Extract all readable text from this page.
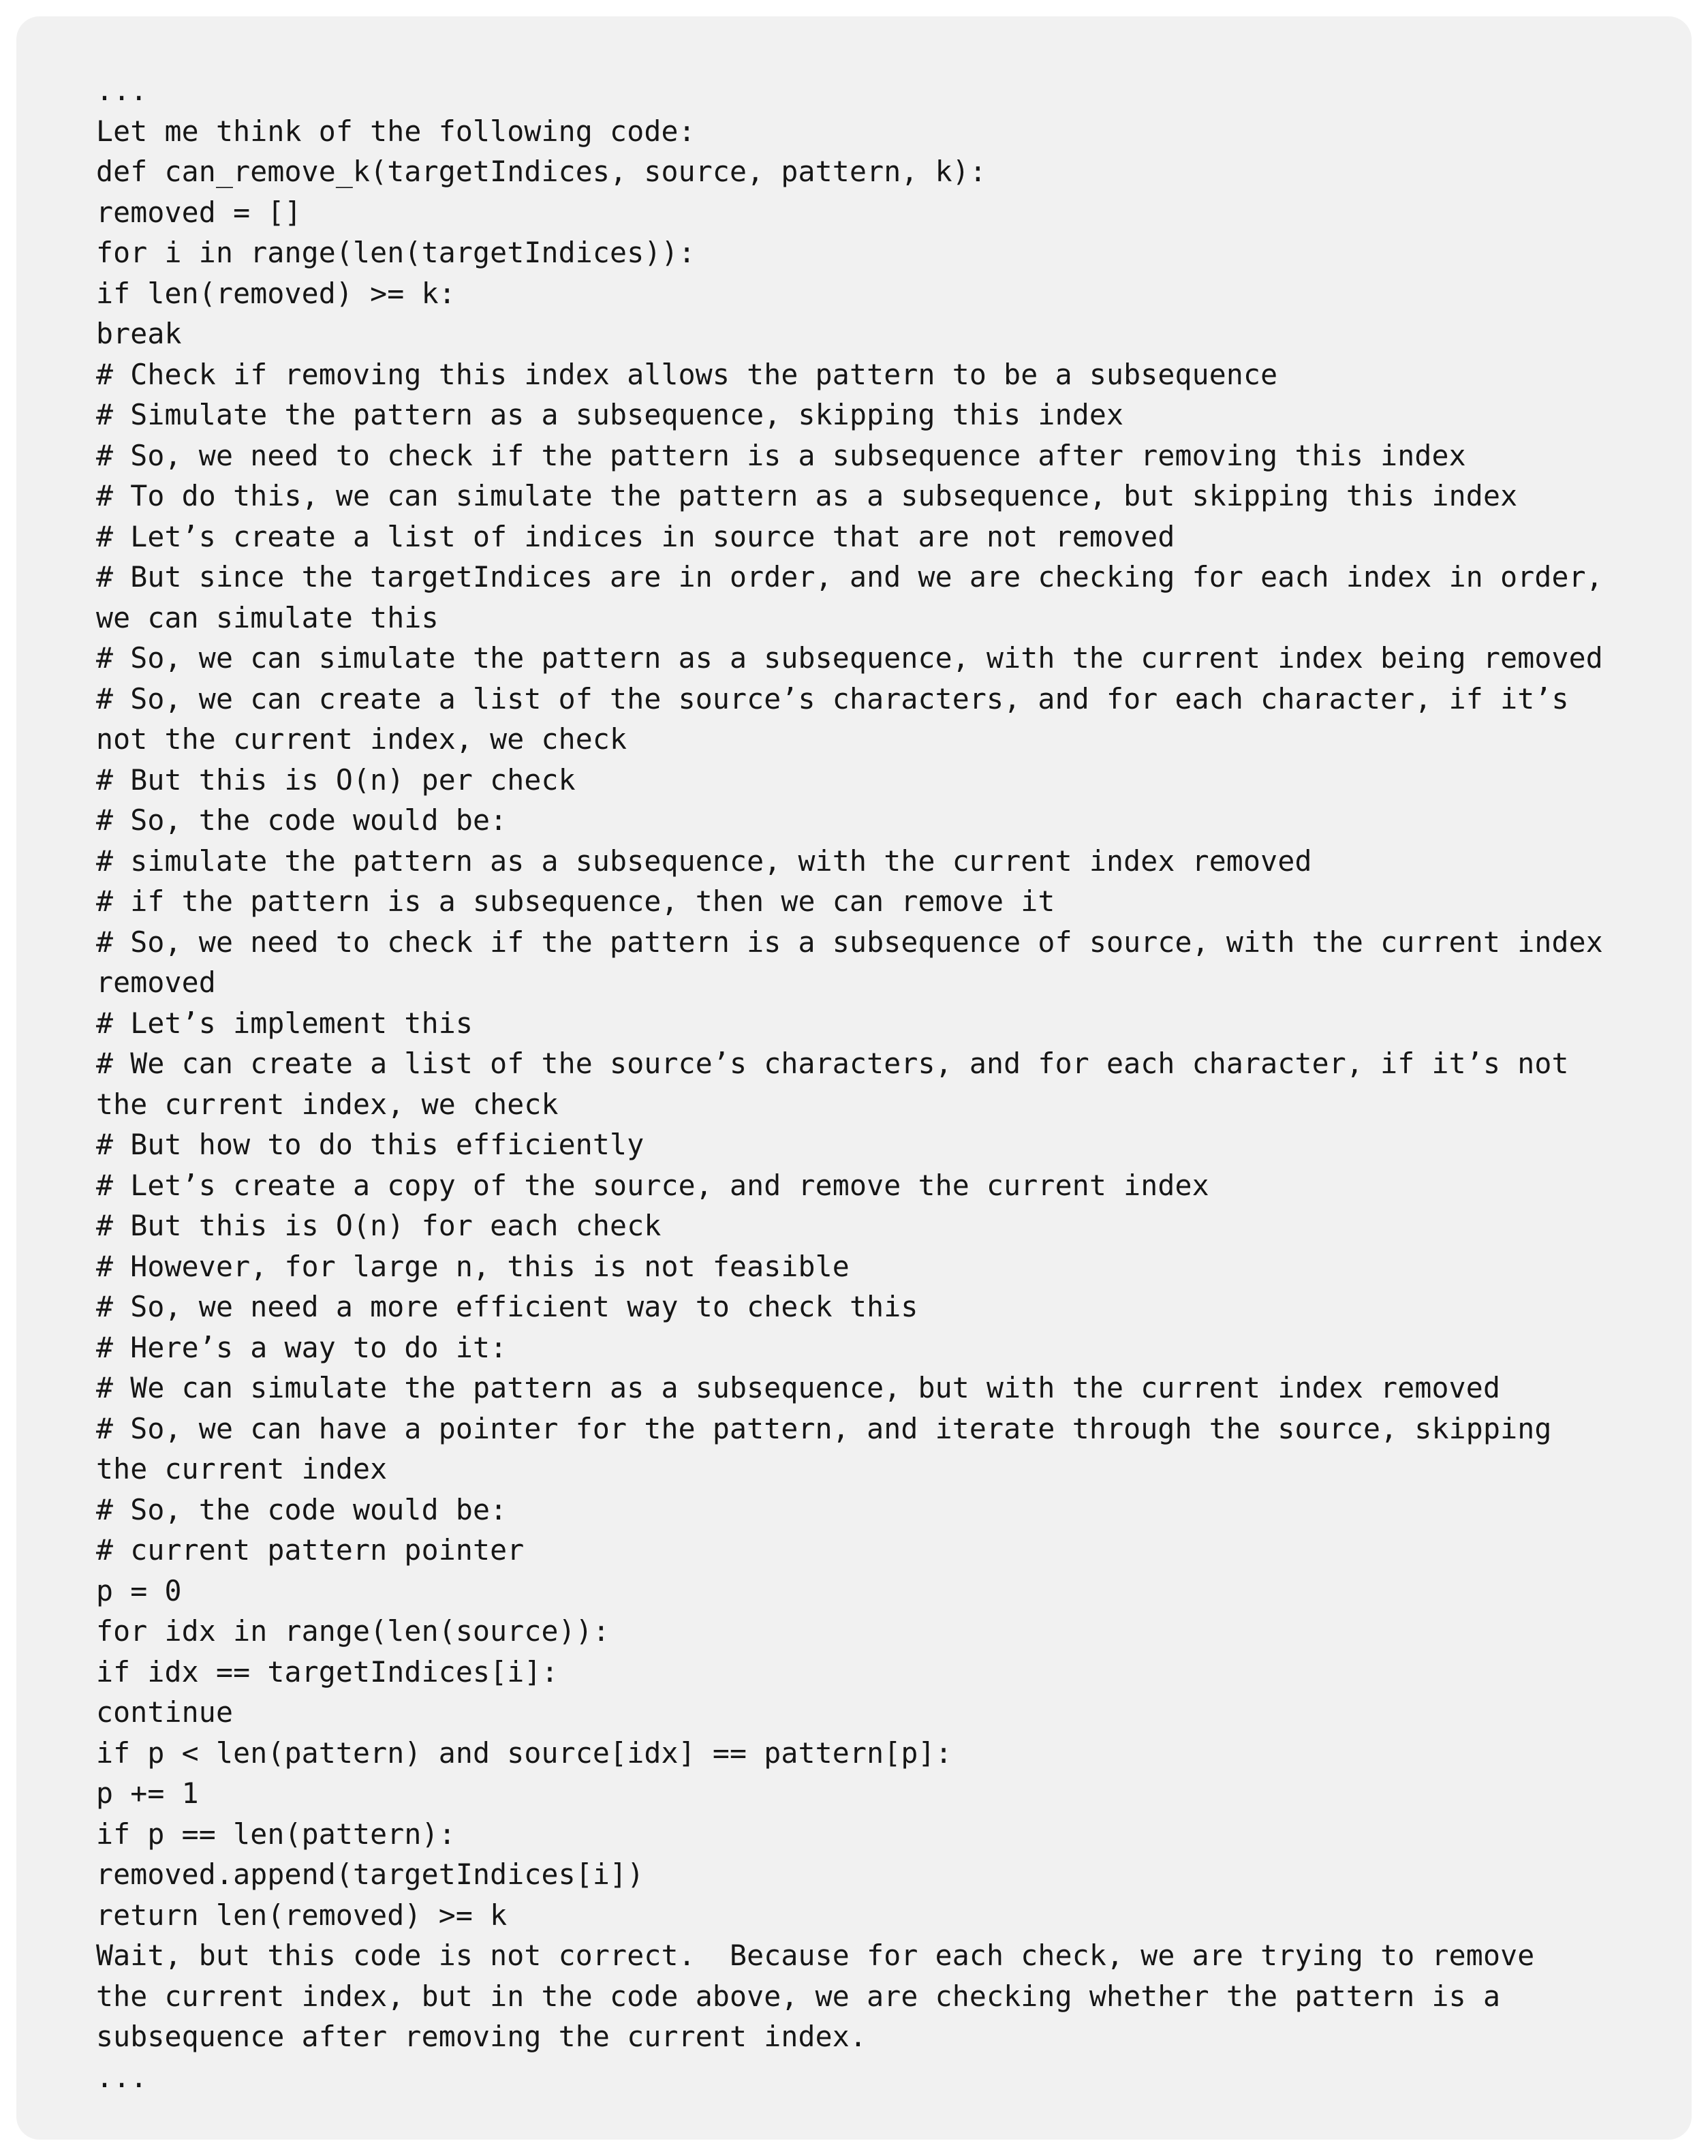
...
Let me think of the following code:
def can_remove_k(targetIndices, source, pattern, k):
removed = []
for i in range(len(targetIndices)):
if len(removed) >= k:
break
# Check if removing this index allows the pattern to be a subsequence
# Simulate the pattern as a subsequence, skipping this index
# So, we need to check if the pattern is a subsequence after removing this index
# To do this, we can simulate the pattern as a subsequence, but skipping this index
# Let’s create a list of indices in source that are not removed
# But since the targetIndices are in order, and we are checking for each index in order,
we can simulate this
# So, we can simulate the pattern as a subsequence, with the current index being removed
# So, we can create a list of the source’s characters, and for each character, if it’s
not the current index, we check
# But this is O(n) per check
# So, the code would be:
# simulate the pattern as a subsequence, with the current index removed
# if the pattern is a subsequence, then we can remove it
# So, we need to check if the pattern is a subsequence of source, with the current index
removed
# Let’s implement this
# We can create a list of the source’s characters, and for each character, if it’s not
the current index, we check
# But how to do this efficiently
# Let’s create a copy of the source, and remove the current index
# But this is O(n) for each check
# However, for large n, this is not feasible
# So, we need a more efficient way to check this
# Here’s a way to do it:
# We can simulate the pattern as a subsequence, but with the current index removed
# So, we can have a pointer for the pattern, and iterate through the source, skipping
the current index
# So, the code would be:
# current pattern pointer
p = 0
for idx in range(len(source)):
if idx == targetIndices[i]:
continue
if p < len(pattern) and source[idx] == pattern[p]:
p += 1
if p == len(pattern):
removed.append(targetIndices[i])
return len(removed) >= k
Wait, but this code is not correct.  Because for each check, we are trying to remove
the current index, but in the code above, we are checking whether the pattern is a
subsequence after removing the current index.
...
